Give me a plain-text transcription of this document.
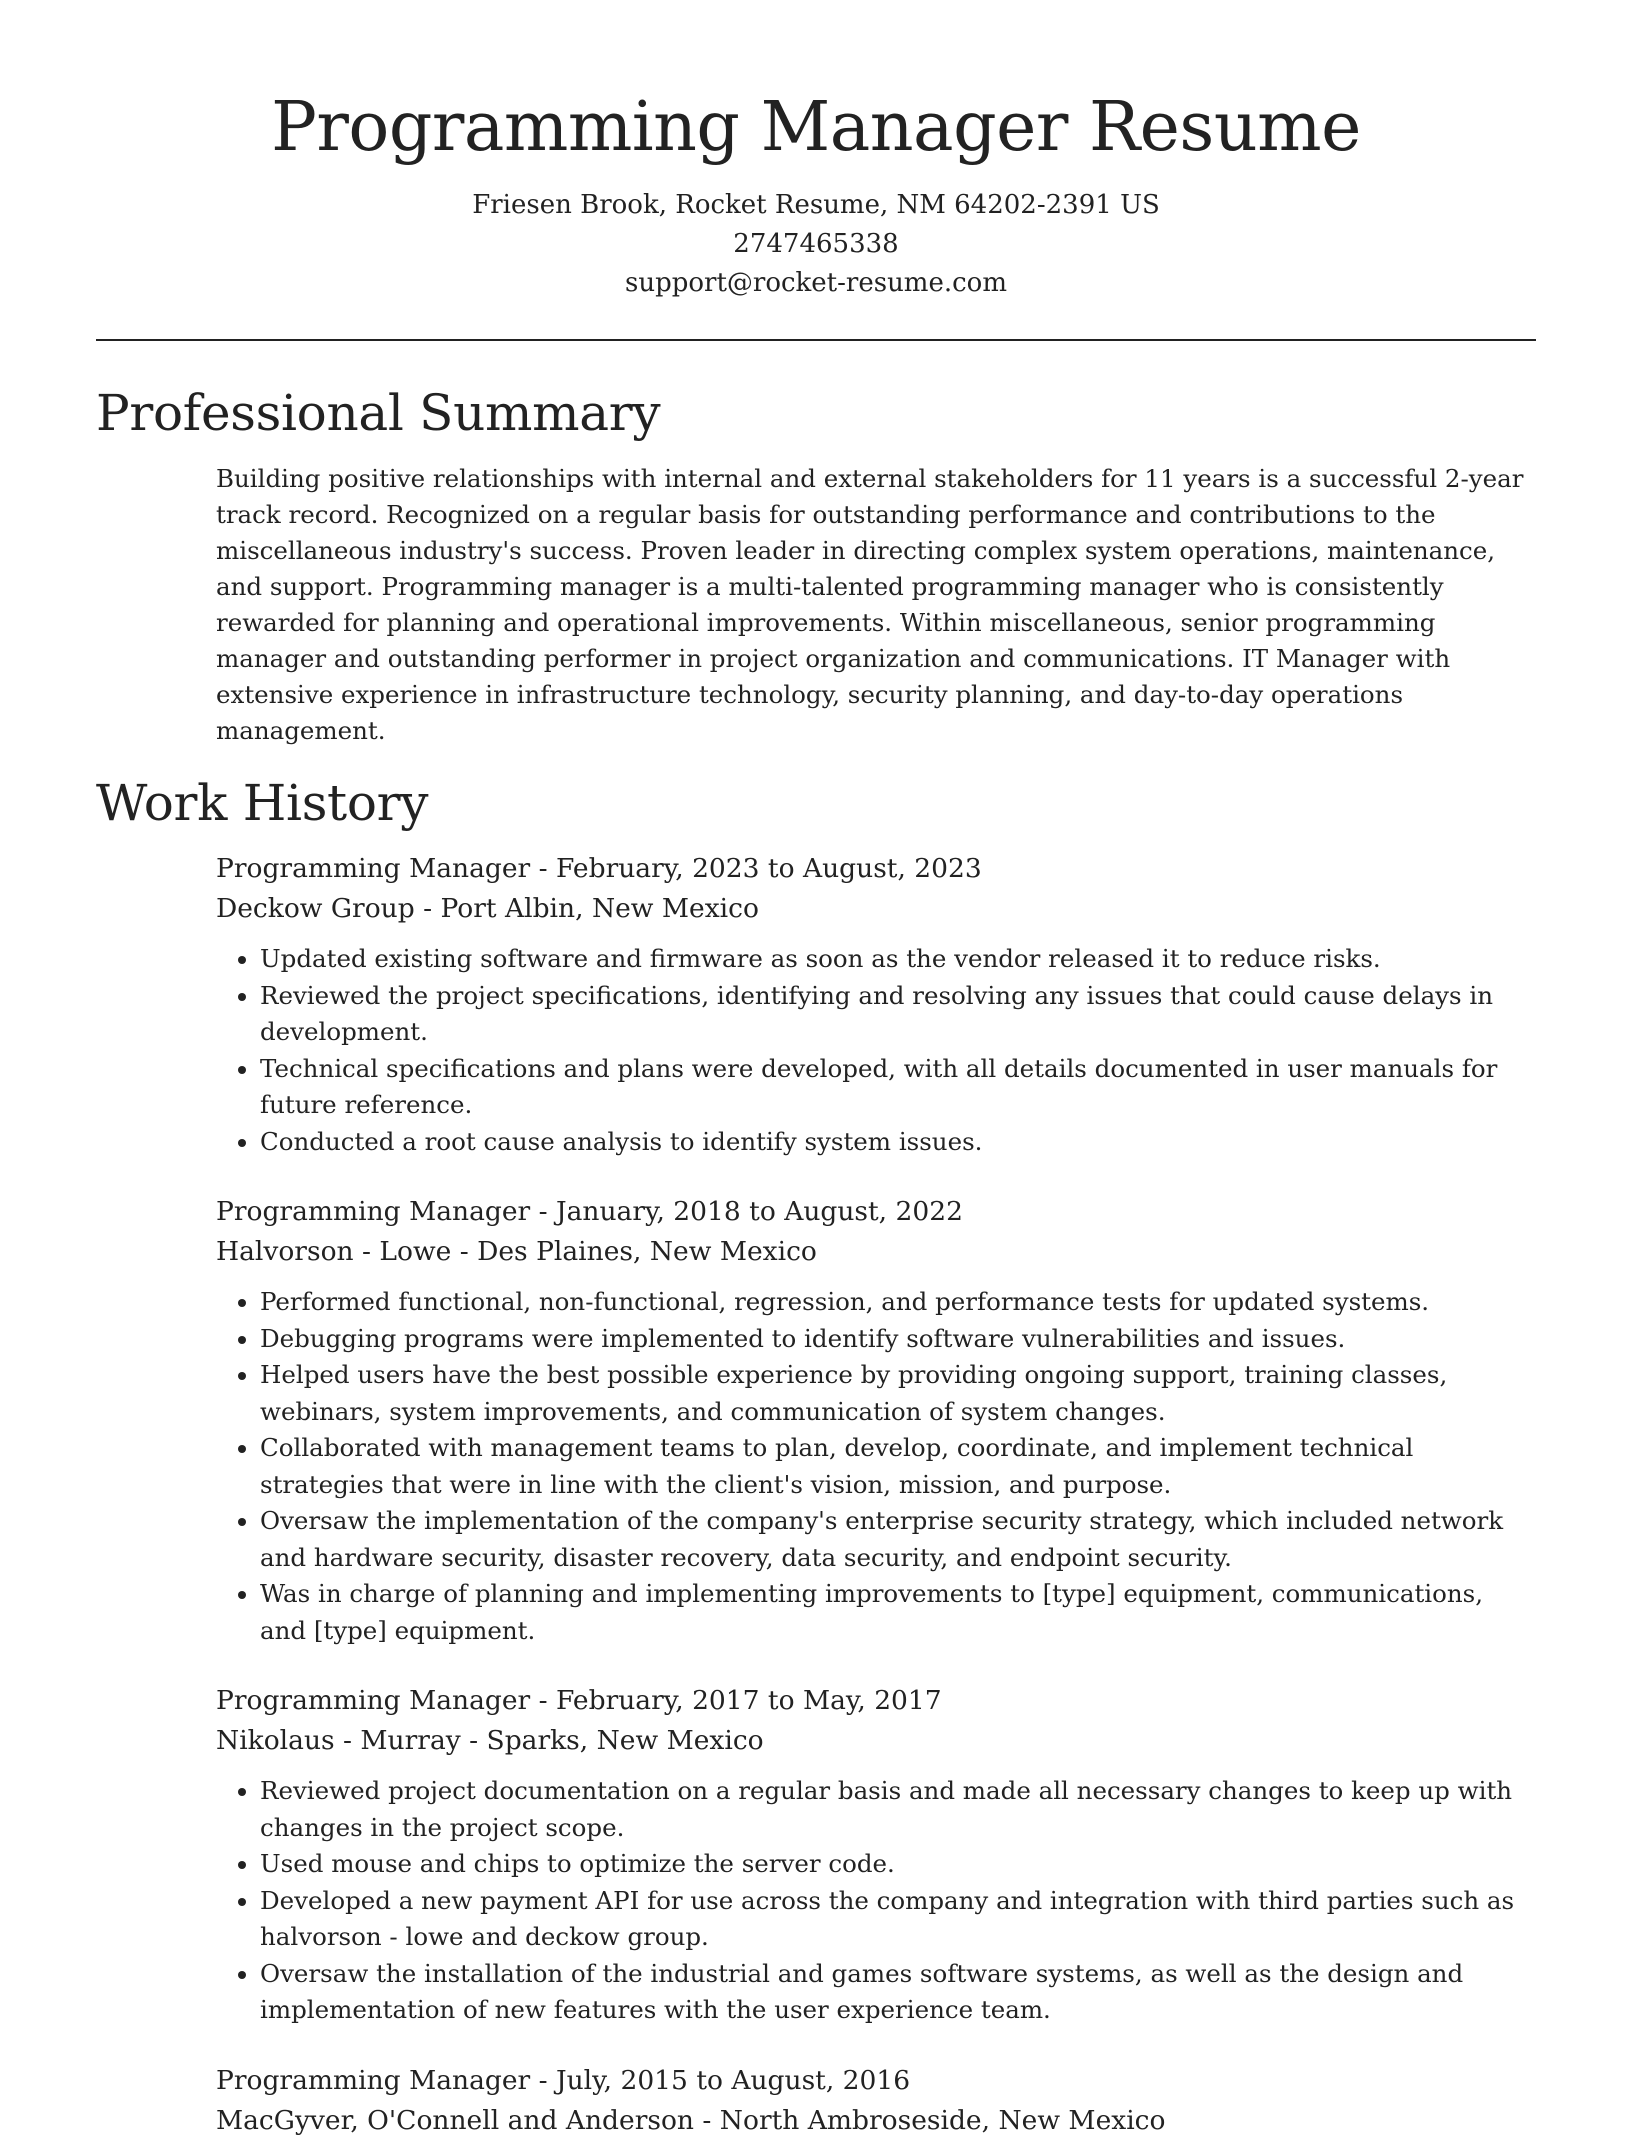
Programming Manager Resume
Friesen Brook, Rocket Resume, NM 64202-2391 US
2747465338
support@rocket-resume.com
Professional Summary

Building positive relationships with internal and external stakeholders for 11 years is a successful 2-year track record. Recognized on a regular basis for outstanding performance and contributions to the miscellaneous industry's success. Proven leader in directing complex system operations, maintenance, and support. Programming manager is a multi-talented programming manager who is consistently rewarded for planning and operational improvements. Within miscellaneous, senior programming manager and outstanding performer in project organization and communications. IT Manager with extensive experience in infrastructure technology, security planning, and day-to-day operations management.

Work History
Programming Manager - February, 2023 to August, 2023
Deckow Group - Port Albin, New Mexico
• Updated existing software and firmware as soon as the vendor released it to reduce risks.
• Reviewed the project specifications, identifying and resolving any issues that could cause delays in development.
• Technical specifications and plans were developed, with all details documented in user manuals for future reference.
• Conducted a root cause analysis to identify system issues.
Programming Manager - January, 2018 to August, 2022
Halvorson - Lowe - Des Plaines, New Mexico
• Performed functional, non-functional, regression, and performance tests for updated systems.
• Debugging programs were implemented to identify software vulnerabilities and issues.
• Helped users have the best possible experience by providing ongoing support, training classes, webinars, system improvements, and communication of system changes.
• Collaborated with management teams to plan, develop, coordinate, and implement technical strategies that were in line with the client's vision, mission, and purpose.
• Oversaw the implementation of the company's enterprise security strategy, which included network and hardware security, disaster recovery, data security, and endpoint security.
• Was in charge of planning and implementing improvements to [type] equipment, communications, and [type] equipment.
Programming Manager - February, 2017 to May, 2017
Nikolaus - Murray - Sparks, New Mexico
• Reviewed project documentation on a regular basis and made all necessary changes to keep up with changes in the project scope.
• Used mouse and chips to optimize the server code.
• Developed a new payment API for use across the company and integration with third parties such as halvorson - lowe and deckow group.
• Oversaw the installation of the industrial and games software systems, as well as the design and implementation of new features with the user experience team.
Programming Manager - July, 2015 to August, 2016
MacGyver, O'Connell and Anderson - North Ambroseside, New Mexico
